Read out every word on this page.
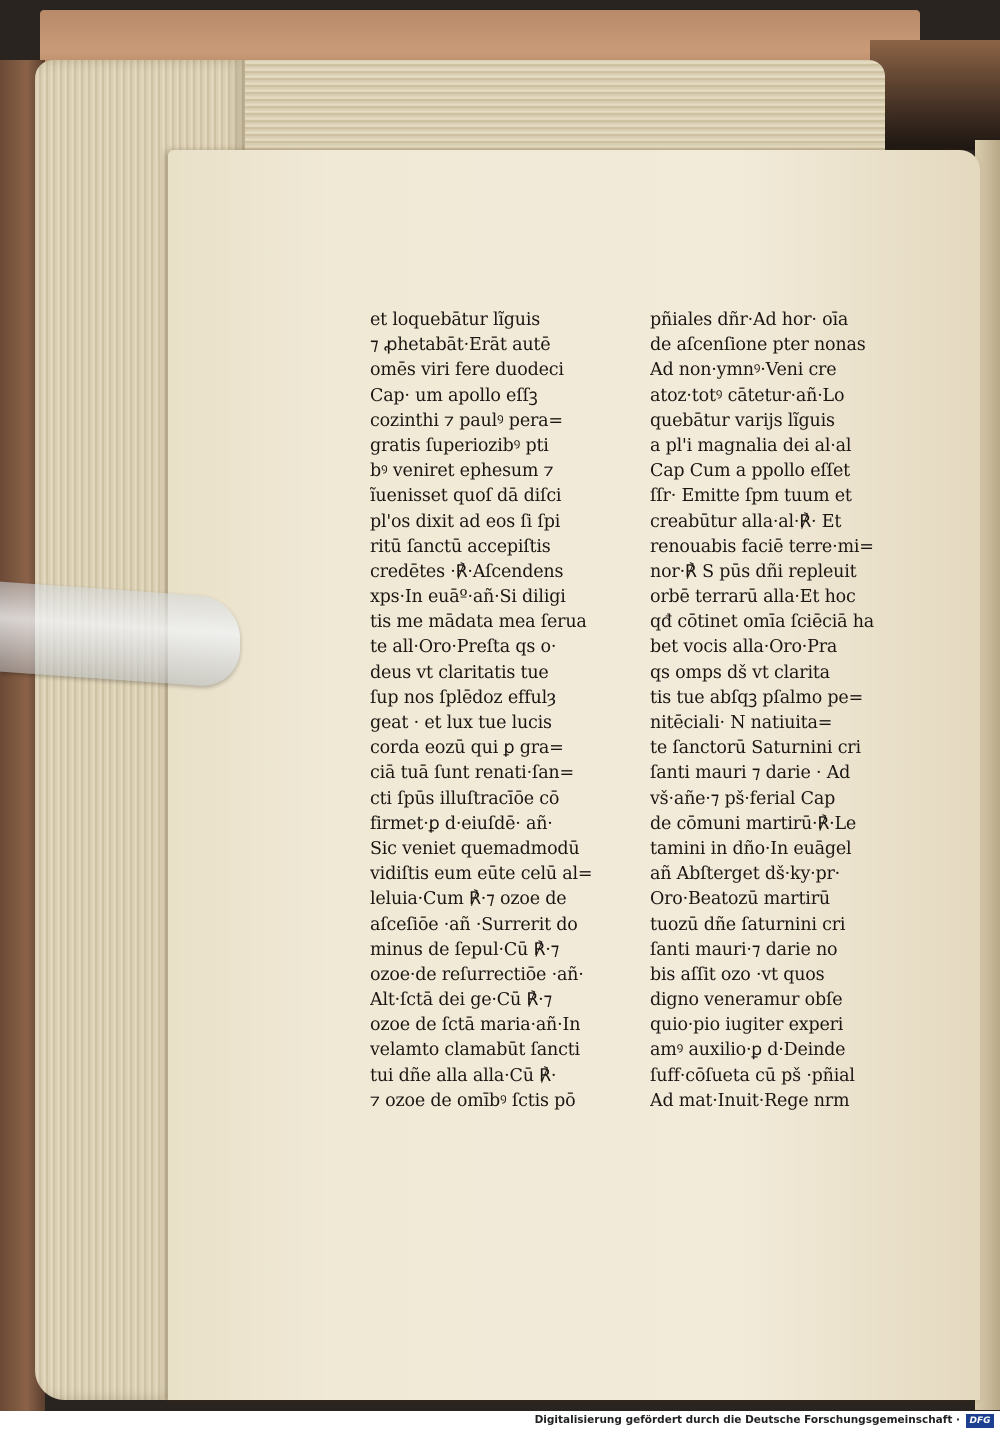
et loquebātur lĩguis
⁊ ꝓhetabāt·Erāt autē
omēs viri fere duodeci
Cap· um apollo eſſꝫ
cozinthi ⁊ paulꝰ pera=
gratis ſuperiozibꝰ pti
bꝰ veniret ephesum ⁊
ĩuenisset quoſ dā diſci
pl'os dixit ad eos ſi ſpi
ritū ſanctū accepiſtis
credētes ·℟·Aſcendens
xps·In euāº·añ·Si diligi
tis me mādata mea ſerua
te all·Oro·Preſta qs o·
deus vt claritatis tue
ſup nos ſplēdoz effulȝ
geat · et lux tue lucis
corda eozū qui ꝑ gra=
ciā tuā ſunt renati·ſan=
cti ſpūs illuſtracīōe cō
firmet·ꝑ d·eiuſdē· añ·
Sic veniet quemadmodū
vidiſtis eum eūte celū al=
leluia·Cum ℟·⁊ ozoe de
aſceſiōe ·añ ·Surrerit do
minus de ſepul·Cū ℟·⁊
ozoe·de reſurrectiōe ·añ·
Alt·ſctā dei ge·Cū ℟·⁊
ozoe de ſctā maria·añ·In
velamto clamabūt ſancti
tui dñe alla alla·Cū ℟·
⁊ ozoe de omībꝰ ſctis pō
pñiales dñr·Ad hor· oīa
de aſcenſione pter nonas
Ad non·ymnꝰ·Veni cre
atoz·totꝰ cātetur·añ·Lo
quebātur varijs lĩguis
a pl'i magnalia dei al·al
Cap Cum a ppollo eſſet
ſſr· Emitte ſpm tuum et
creabūtur alla·al·℟· Et
renouabis faciē terre·mi=
nor·℟ S pūs dñi repleuit
orbē terrarū alla·Et hoc
qđ cōtinet omīa ſciēciā ha
bet vocis alla·Oro·Pra
qs omps dš vt clarita
tis tue abſqꝫ pſalmo pe=
nitēciali· N natiuita=
te ſanctorū Saturnini cri
ſanti mauri ⁊ darie · Ad
vš·añe·⁊ pš·ferial Cap
de cōmuni martirū·℟·Le
tamini in dño·In euāgel
añ Abſterget dš·ky·pr·
Oro·Beatozū martirū
tuozū dñe ſaturnini cri
ſanti mauri·⁊ darie no
bis aſſit ozo ·vt quos
digno veneramur obſe
quio·pio iugiter experi
amꝰ auxilio·ꝑ d·Deinde
ſuff·cōſueta cū pš ·pñial
Ad mat·Inuit·Rege nrm
Digitalisierung gefördert durch die Deutsche Forschungsgemeinschaft ·	DFG
